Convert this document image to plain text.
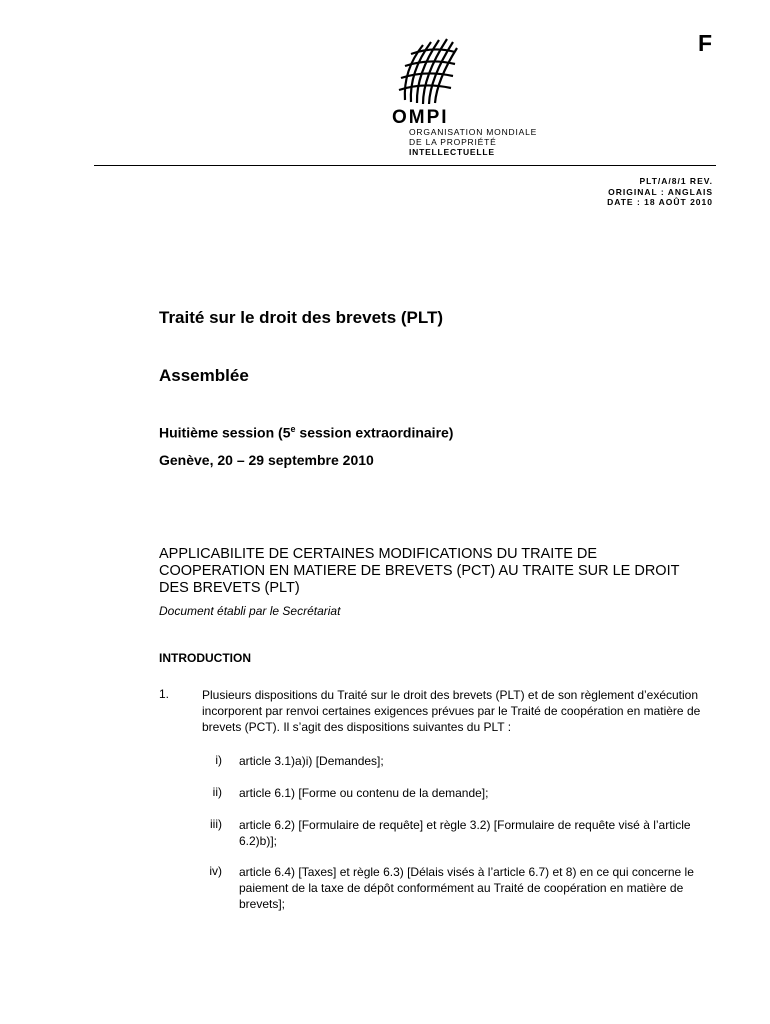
F
OMPI
ORGANISATION MONDIALE
DE LA PROPRIÉTÉ
INTELLECTUELLE
PLT/A/8/1 REV.
ORIGINAL : ANGLAIS
DATE : 18 AOÛT 2010
Traité sur le droit des brevets (PLT)
Assemblée
Huitième session (5e session extraordinaire)
Genève, 20 – 29 septembre 2010
APPLICABILITE DE CERTAINES MODIFICATIONS DU TRAITE DE COOPERATION EN MATIERE DE BREVETS (PCT) AU TRAITE SUR LE DROIT DES BREVETS (PLT)
Document établi par le Secrétariat
INTRODUCTION
1.	Plusieurs dispositions du Traité sur le droit des brevets (PLT) et de son règlement d’exécution incorporent par renvoi certaines exigences prévues par le Traité de coopération en matière de brevets (PCT). Il s’agit des dispositions suivantes du PLT :
i) article 3.1)a)i) [Demandes];
ii) article 6.1) [Forme ou contenu de la demande];
iii) article 6.2) [Formulaire de requête] et règle 3.2) [Formulaire de requête visé à l’article 6.2)b)];
iv) article 6.4) [Taxes] et règle 6.3) [Délais visés à l’article 6.7) et 8) en ce qui concerne le paiement de la taxe de dépôt conformément au Traité de coopération en matière de brevets];
